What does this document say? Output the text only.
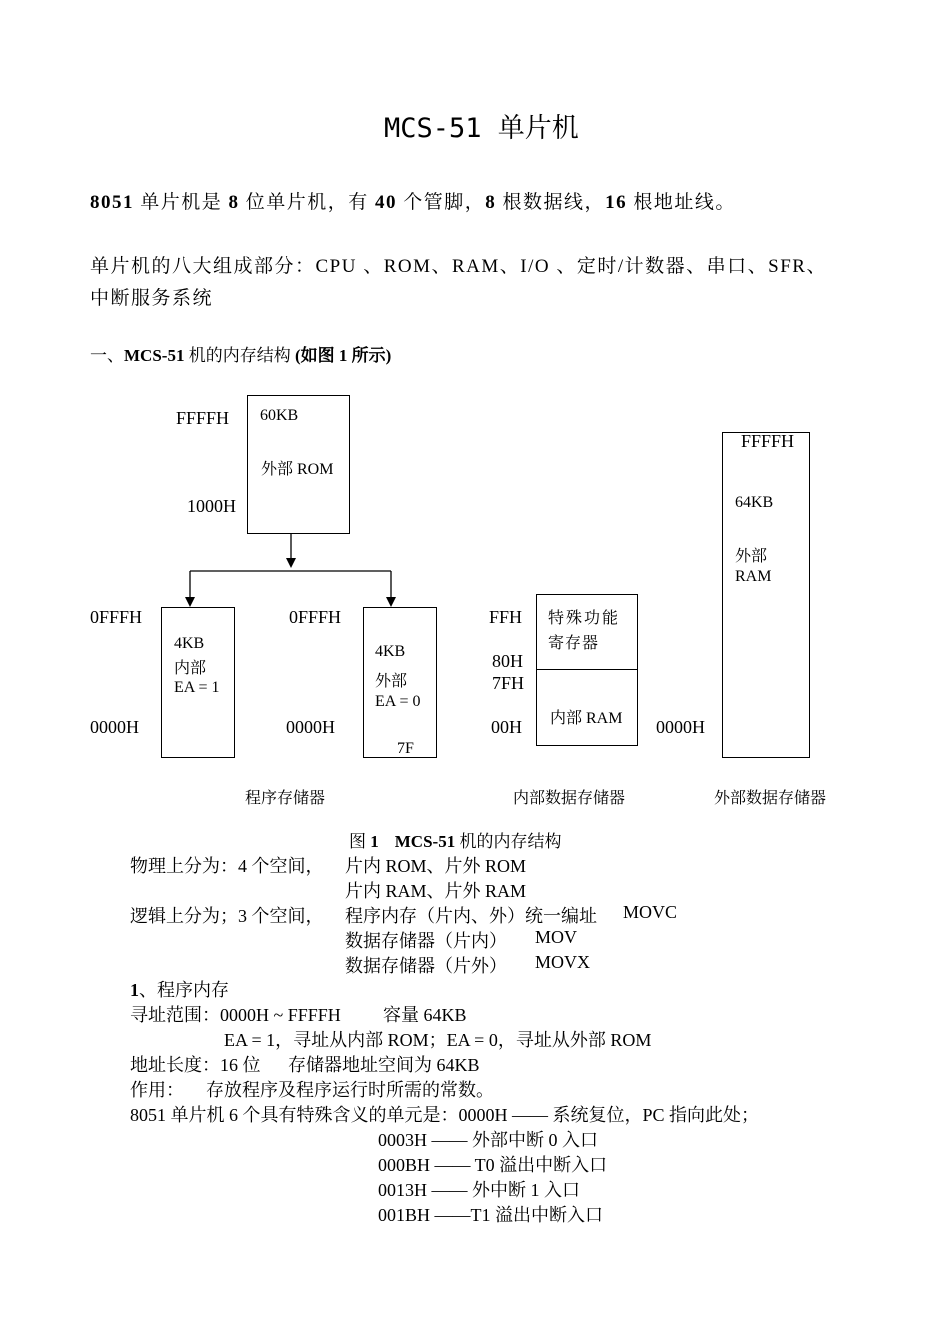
MCS-51 单片机
8051 单片机是 8 位单片机，有 40 个管脚，8 根数据线，16 根地址线。
单片机的八大组成部分：CPU 、ROM、RAM、I/O 、定时/计数器、串口、SFR、
中断服务系统
一、MCS-51 机的内存结构 (如图 1 所示)
FFFFH
1000H
60KB
外部 ROM
0FFFH
0000H
4KB
内部
EA = 1
0FFFH
0000H
4KB
外部
EA = 0
7F
FFH
80H
7FH
00H
特殊功能
寄存器
内部 RAM 0000H
FFFFH
64KB
外部
RAM
程序存储器	内部数据存储器	外部数据存储器
图 1 MCS-51 机的内存结构
物理上分为：4 个空间， 片内 ROM、片外 ROM
片内 RAM、片外 RAM
逻辑上分为；3 个空间， 程序内存（片内、外）统一编址 MOVC
数据存储器（片内） MOV
数据存储器（片外） MOVX
1、程序内存
寻址范围：0000H ~ FFFFH 容量 64KB
EA = 1，寻址从内部 ROM；EA = 0，寻址从外部 ROM
地址长度：16 位 存储器地址空间为 64KB
作用： 存放程序及程序运行时所需的常数。
8051 单片机 6 个具有特殊含义的单元是：0000H —— 系统复位，PC 指向此处；
0003H —— 外部中断 0 入口
000BH —— T0 溢出中断入口
0013H —— 外中断 1 入口
001BH ——T1 溢出中断入口
